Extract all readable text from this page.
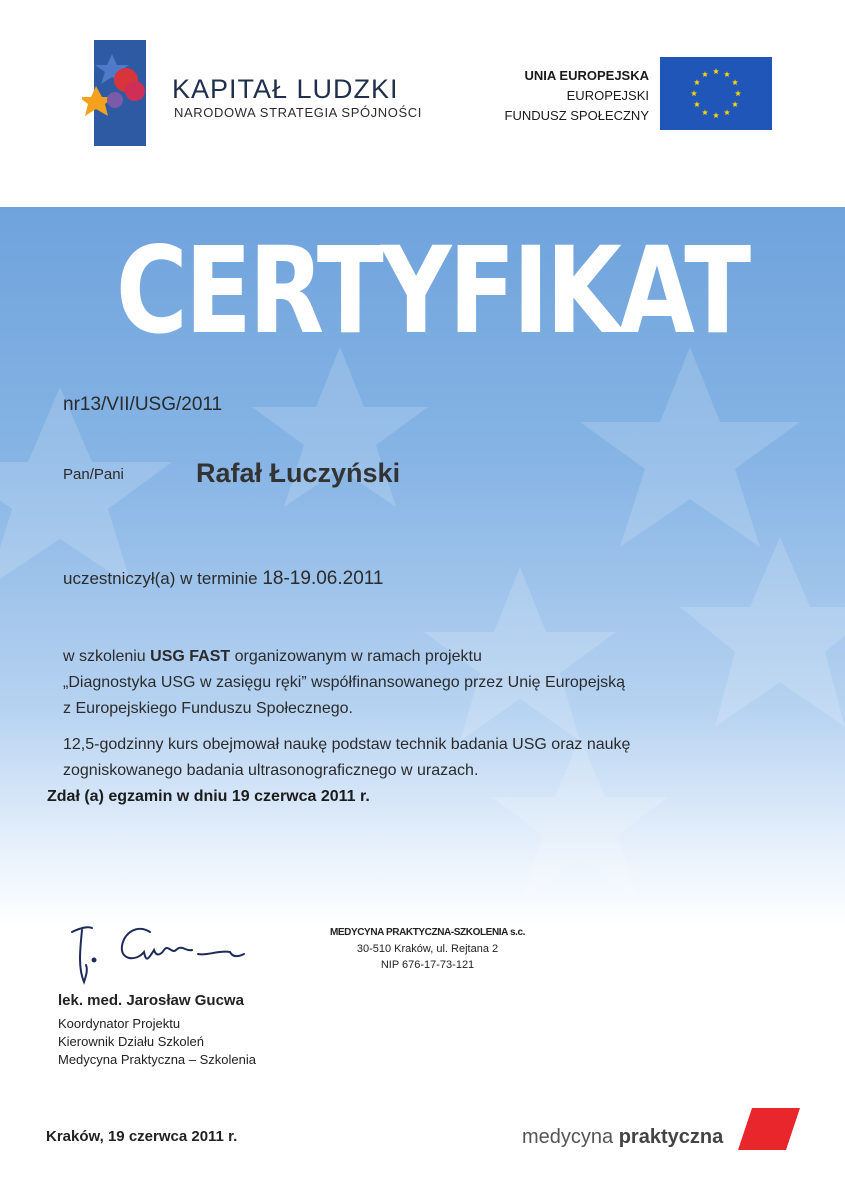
KAPITAŁ LUDZKI
NARODOWA STRATEGIA SPÓJNOŚCI
UNIA EUROPEJSKA
EUROPEJSKI
FUNDUSZ SPOŁECZNY
CERTYFIKAT
nr13/VII/USG/2011
Pan/Pani	Rafał Łuczyński
uczestniczył(a) w terminie 18-19.06.2011
w szkoleniu USG FAST organizowanym w ramach projektu
„Diagnostyka USG w zasięgu ręki” współfinansowanego przez Unię Europejską
z Europejskiego Funduszu Społecznego.
12,5-godzinny kurs obejmował naukę podstaw technik badania USG oraz naukę
zogniskowanego badania ultrasonograficznego w urazach.
Zdał (a) egzamin w dniu 19 czerwca 2011 r.
lek. med. Jarosław Gucwa
Koordynator Projektu
Kierownik Działu Szkoleń
Medycyna Praktyczna – Szkolenia
MEDYCYNA PRAKTYCZNA-SZKOLENIA s.c.
30-510 Kraków, ul. Rejtana 2
NIP 676-17-73-121
Kraków, 19 czerwca 2011 r.	medycyna praktyczna
